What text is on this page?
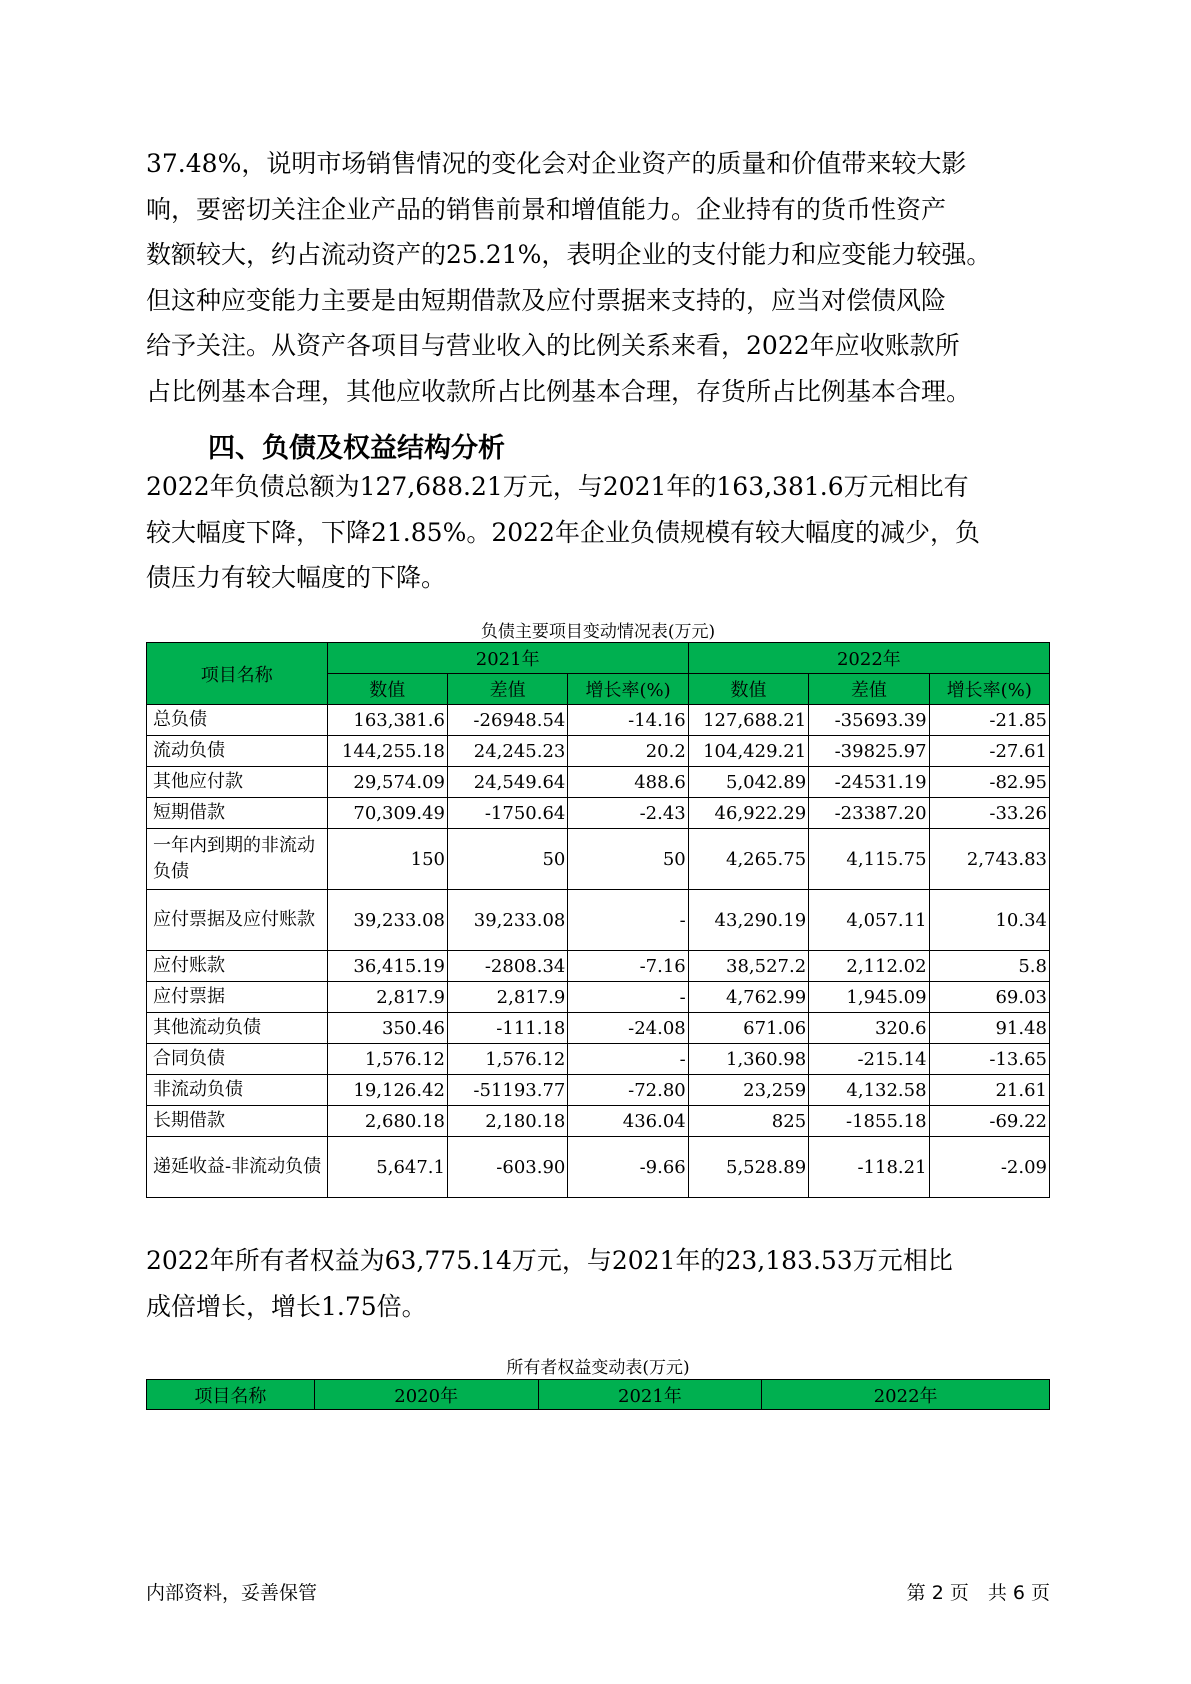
37.48%，说明市场销售情况的变化会对企业资产的质量和价值带来较大影
响，要密切关注企业产品的销售前景和增值能力。企业持有的货币性资产
数额较大，约占流动资产的25.21%，表明企业的支付能力和应变能力较强。
但这种应变能力主要是由短期借款及应付票据来支持的，应当对偿债风险
给予关注。从资产各项目与营业收入的比例关系来看，2022年应收账款所
占比例基本合理，其他应收款所占比例基本合理，存货所占比例基本合理。
四、负债及权益结构分析
2022年负债总额为127,688.21万元，与2021年的163,381.6万元相比有
较大幅度下降，下降21.85%。2022年企业负债规模有较大幅度的减少，负
债压力有较大幅度的下降。
负债主要项目变动情况表(万元)
项目名称	2021年			2022年		
	数值	差值	增长率(%)	数值	差值	增长率(%)
总负债	163,381.6	-26948.54	-14.16	127,688.21	-35693.39	-21.85
流动负债	144,255.18	24,245.23	20.2	104,429.21	-39825.97	-27.61
其他应付款	29,574.09	24,549.64	488.6	5,042.89	-24531.19	-82.95
短期借款	70,309.49	-1750.64	-2.43	46,922.29	-23387.20	-33.26
一年内到期的非流动负债	150	50	50	4,265.75	4,115.75	2,743.83
应付票据及应付账款	39,233.08	39,233.08	-	43,290.19	4,057.11	10.34
应付账款	36,415.19	-2808.34	-7.16	38,527.2	2,112.02	5.8
应付票据	2,817.9	2,817.9	-	4,762.99	1,945.09	69.03
其他流动负债	350.46	-111.18	-24.08	671.06	320.6	91.48
合同负债	1,576.12	1,576.12	-	1,360.98	-215.14	-13.65
非流动负债	19,126.42	-51193.77	-72.80	23,259	4,132.58	21.61
长期借款	2,680.18	2,180.18	436.04	825	-1855.18	-69.22
递延收益-非流动负债	5,647.1	-603.90	-9.66	5,528.89	-118.21	-2.09
2022年所有者权益为63,775.14万元，与2021年的23,183.53万元相比
成倍增长，增长1.75倍。
所有者权益变动表(万元)
项目名称	2020年	2021年	2022年
内部资料，妥善保管	第 2 页　共 6 页
